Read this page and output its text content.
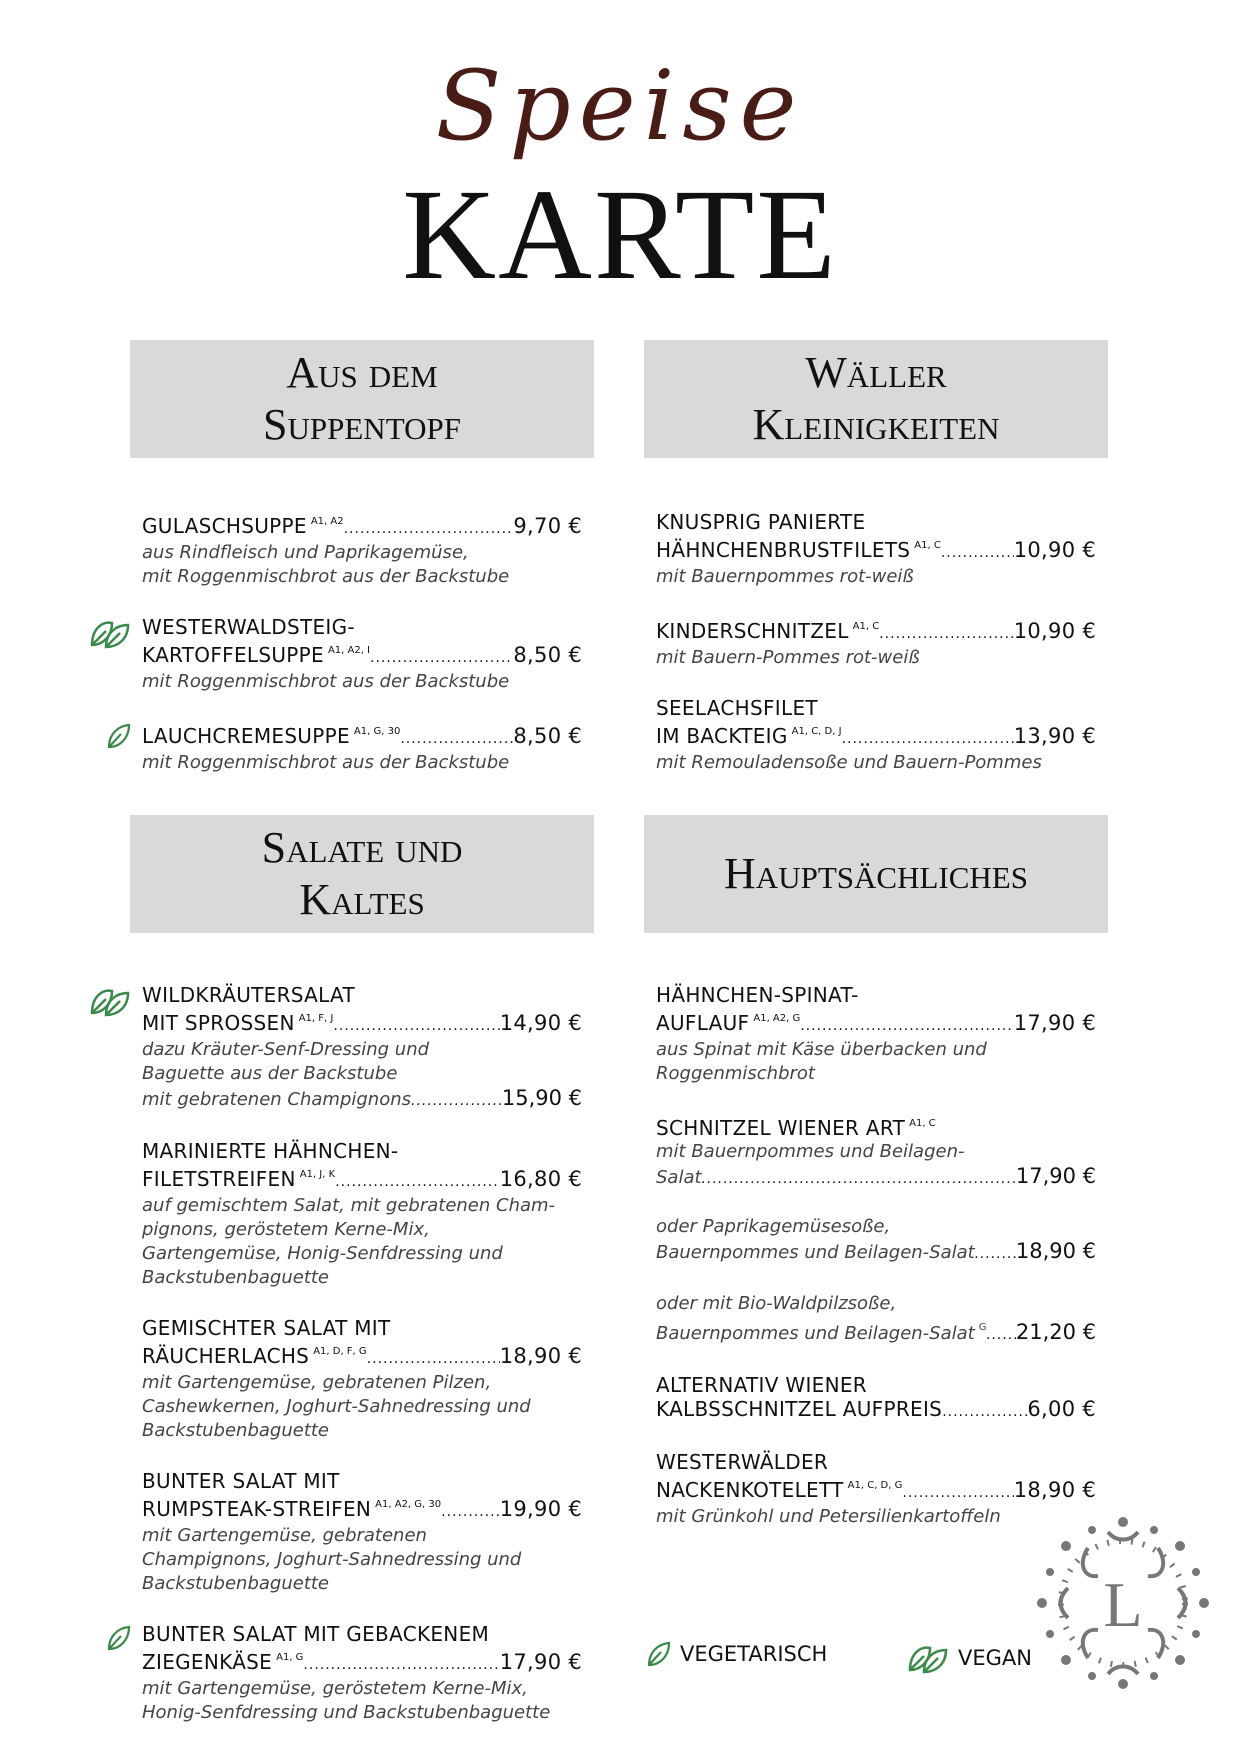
Speise
KARTE
Aus dem
Suppentopf
Wäller
Kleinigkeiten
Salate und
Kaltes
Hauptsächliches
GULASCHSUPPE $^{A1, A2}$ .....	9,70 €
aus Rindfleisch und Paprikagemüse,
mit Roggenmischbrot aus der Backstube
WESTERWALDSTEIG-
KARTOFFELSUPPE $^{A1, A2, I}$ .....	8,50 €
mit Roggenmischbrot aus der Backstube
LAUCHCREMESUPPE $^{A1, G, 30}$ .....	8,50 €
mit Roggenmischbrot aus der Backstube
KNUSPRIG PANIERTE
HÄHNCHENBRUSTFILETS $^{A1, C}$ .....	10,90 €
mit Bauernpommes rot-weiß
KINDERSCHNITZEL $^{A1, C}$ .....	10,90 €
mit Bauern-Pommes rot-weiß
SEELACHSFILET
IM BACKTEIG $^{A1, C, D, J}$ .....	13,90 €
mit Remouladensoße und Bauern-Pommes
WILDKRÄUTERSALAT
MIT SPROSSEN $^{A1, F, J}$ .....	14,90 €
dazu Kräuter-Senf-Dressing und
Baguette aus der Backstube
mit gebratenen Champignons .....	15,90 €
MARINIERTE HÄHNCHEN-
FILETSTREIFEN $^{A1, J, K}$ .....	16,80 €
auf gemischtem Salat, mit gebratenen Cham-
pignons, geröstetem Kerne-Mix,
Gartengemüse, Honig-Senfdressing und
Backstubenbaguette
GEMISCHTER SALAT MIT
RÄUCHERLACHS $^{A1, D, F, G}$ .....	18,90 €
mit Gartengemüse, gebratenen Pilzen,
Cashewkernen, Joghurt-Sahnedressing und
Backstubenbaguette
BUNTER SALAT MIT
RUMPSTEAK-STREIFEN $^{A1, A2, G, 30}$ .....	19,90 €
mit Gartengemüse, gebratenen
Champignons, Joghurt-Sahnedressing und
Backstubenbaguette
BUNTER SALAT MIT GEBACKENEM
ZIEGENKÄSE $^{A1, G}$ .....	17,90 €
mit Gartengemüse, geröstetem Kerne-Mix,
Honig-Senfdressing und Backstubenbaguette
HÄHNCHEN-SPINAT-
AUFLAUF $^{A1, A2, G}$ .....	17,90 €
aus Spinat mit Käse überbacken und
Roggenmischbrot
SCHNITZEL WIENER ART $^{A1, C}$
mit Bauernpommes und Beilagen-
Salat .....	17,90 €
oder Paprikagemüsesoße,
Bauernpommes und Beilagen-Salat ..... 18,90 €
oder mit Bio-Waldpilzsoße,
Bauernpommes und Beilagen-Salat $^G$ ..... 21,20 €
ALTERNATIV WIENER
KALBSSCHNITZEL AUFPREIS .....	6,00 €
WESTERWÄLDER
NACKENKOTELETT $^{A1, C, D, G}$ .....	18,90 €
mit Grünkohl und Petersilienkartoffeln
VEGETARISCH	VEGAN
L
